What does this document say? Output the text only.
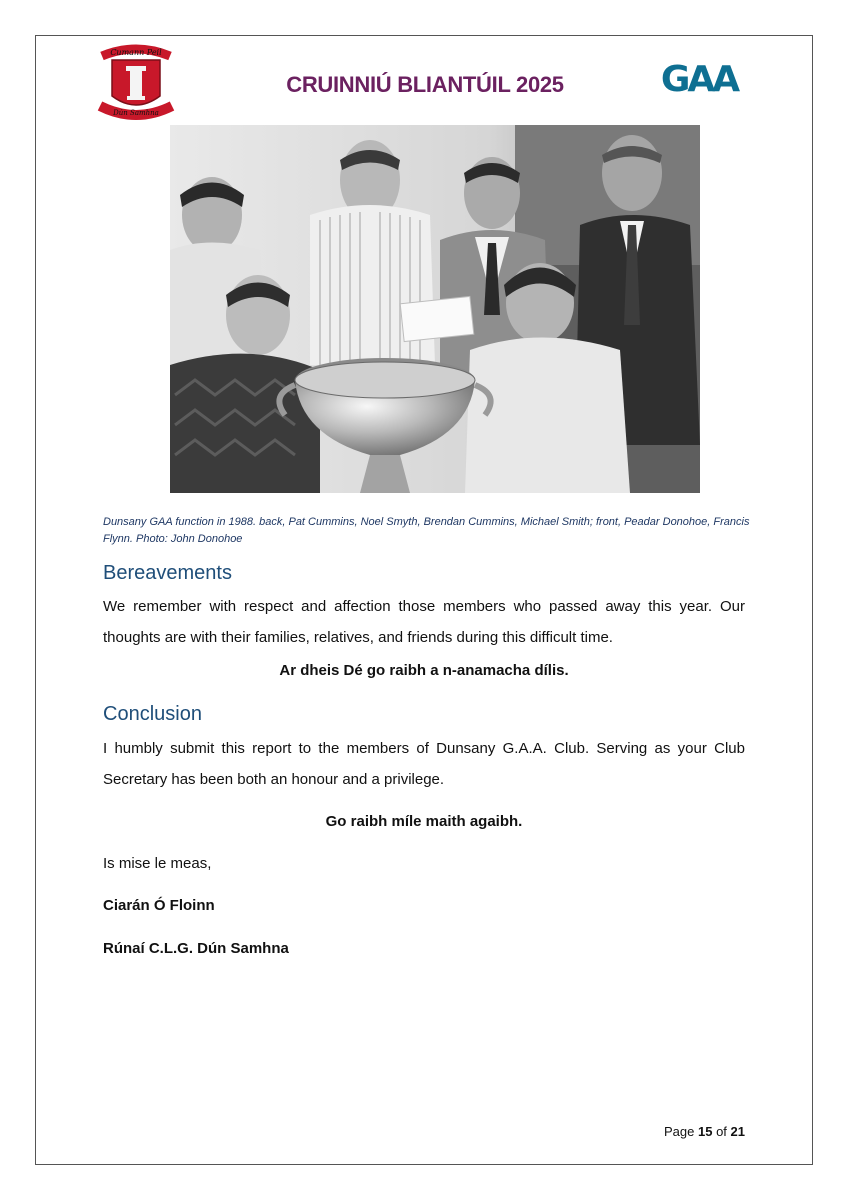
Cumann Peil
Dún Samhna
CRUINNIÚ BLIANTÚIL 2025	GAA
Dunsany GAA function in 1988. back, Pat Cummins, Noel Smyth, Brendan Cummins, Michael Smith; front, Peadar Donohoe, Francis Flynn. Photo: John Donohoe
Bereavements
We remember with respect and affection those members who passed away this year. Our thoughts are with their families, relatives, and friends during this difficult time.
Ar dheis Dé go raibh a n-anamacha dílis.
Conclusion
I humbly submit this report to the members of Dunsany G.A.A. Club. Serving as your Club Secretary has been both an honour and a privilege.
Go raibh míle maith agaibh.
Is mise le meas,
Ciarán Ó Floinn
Rúnaí C.L.G. Dún Samhna
Page 15 of 21
